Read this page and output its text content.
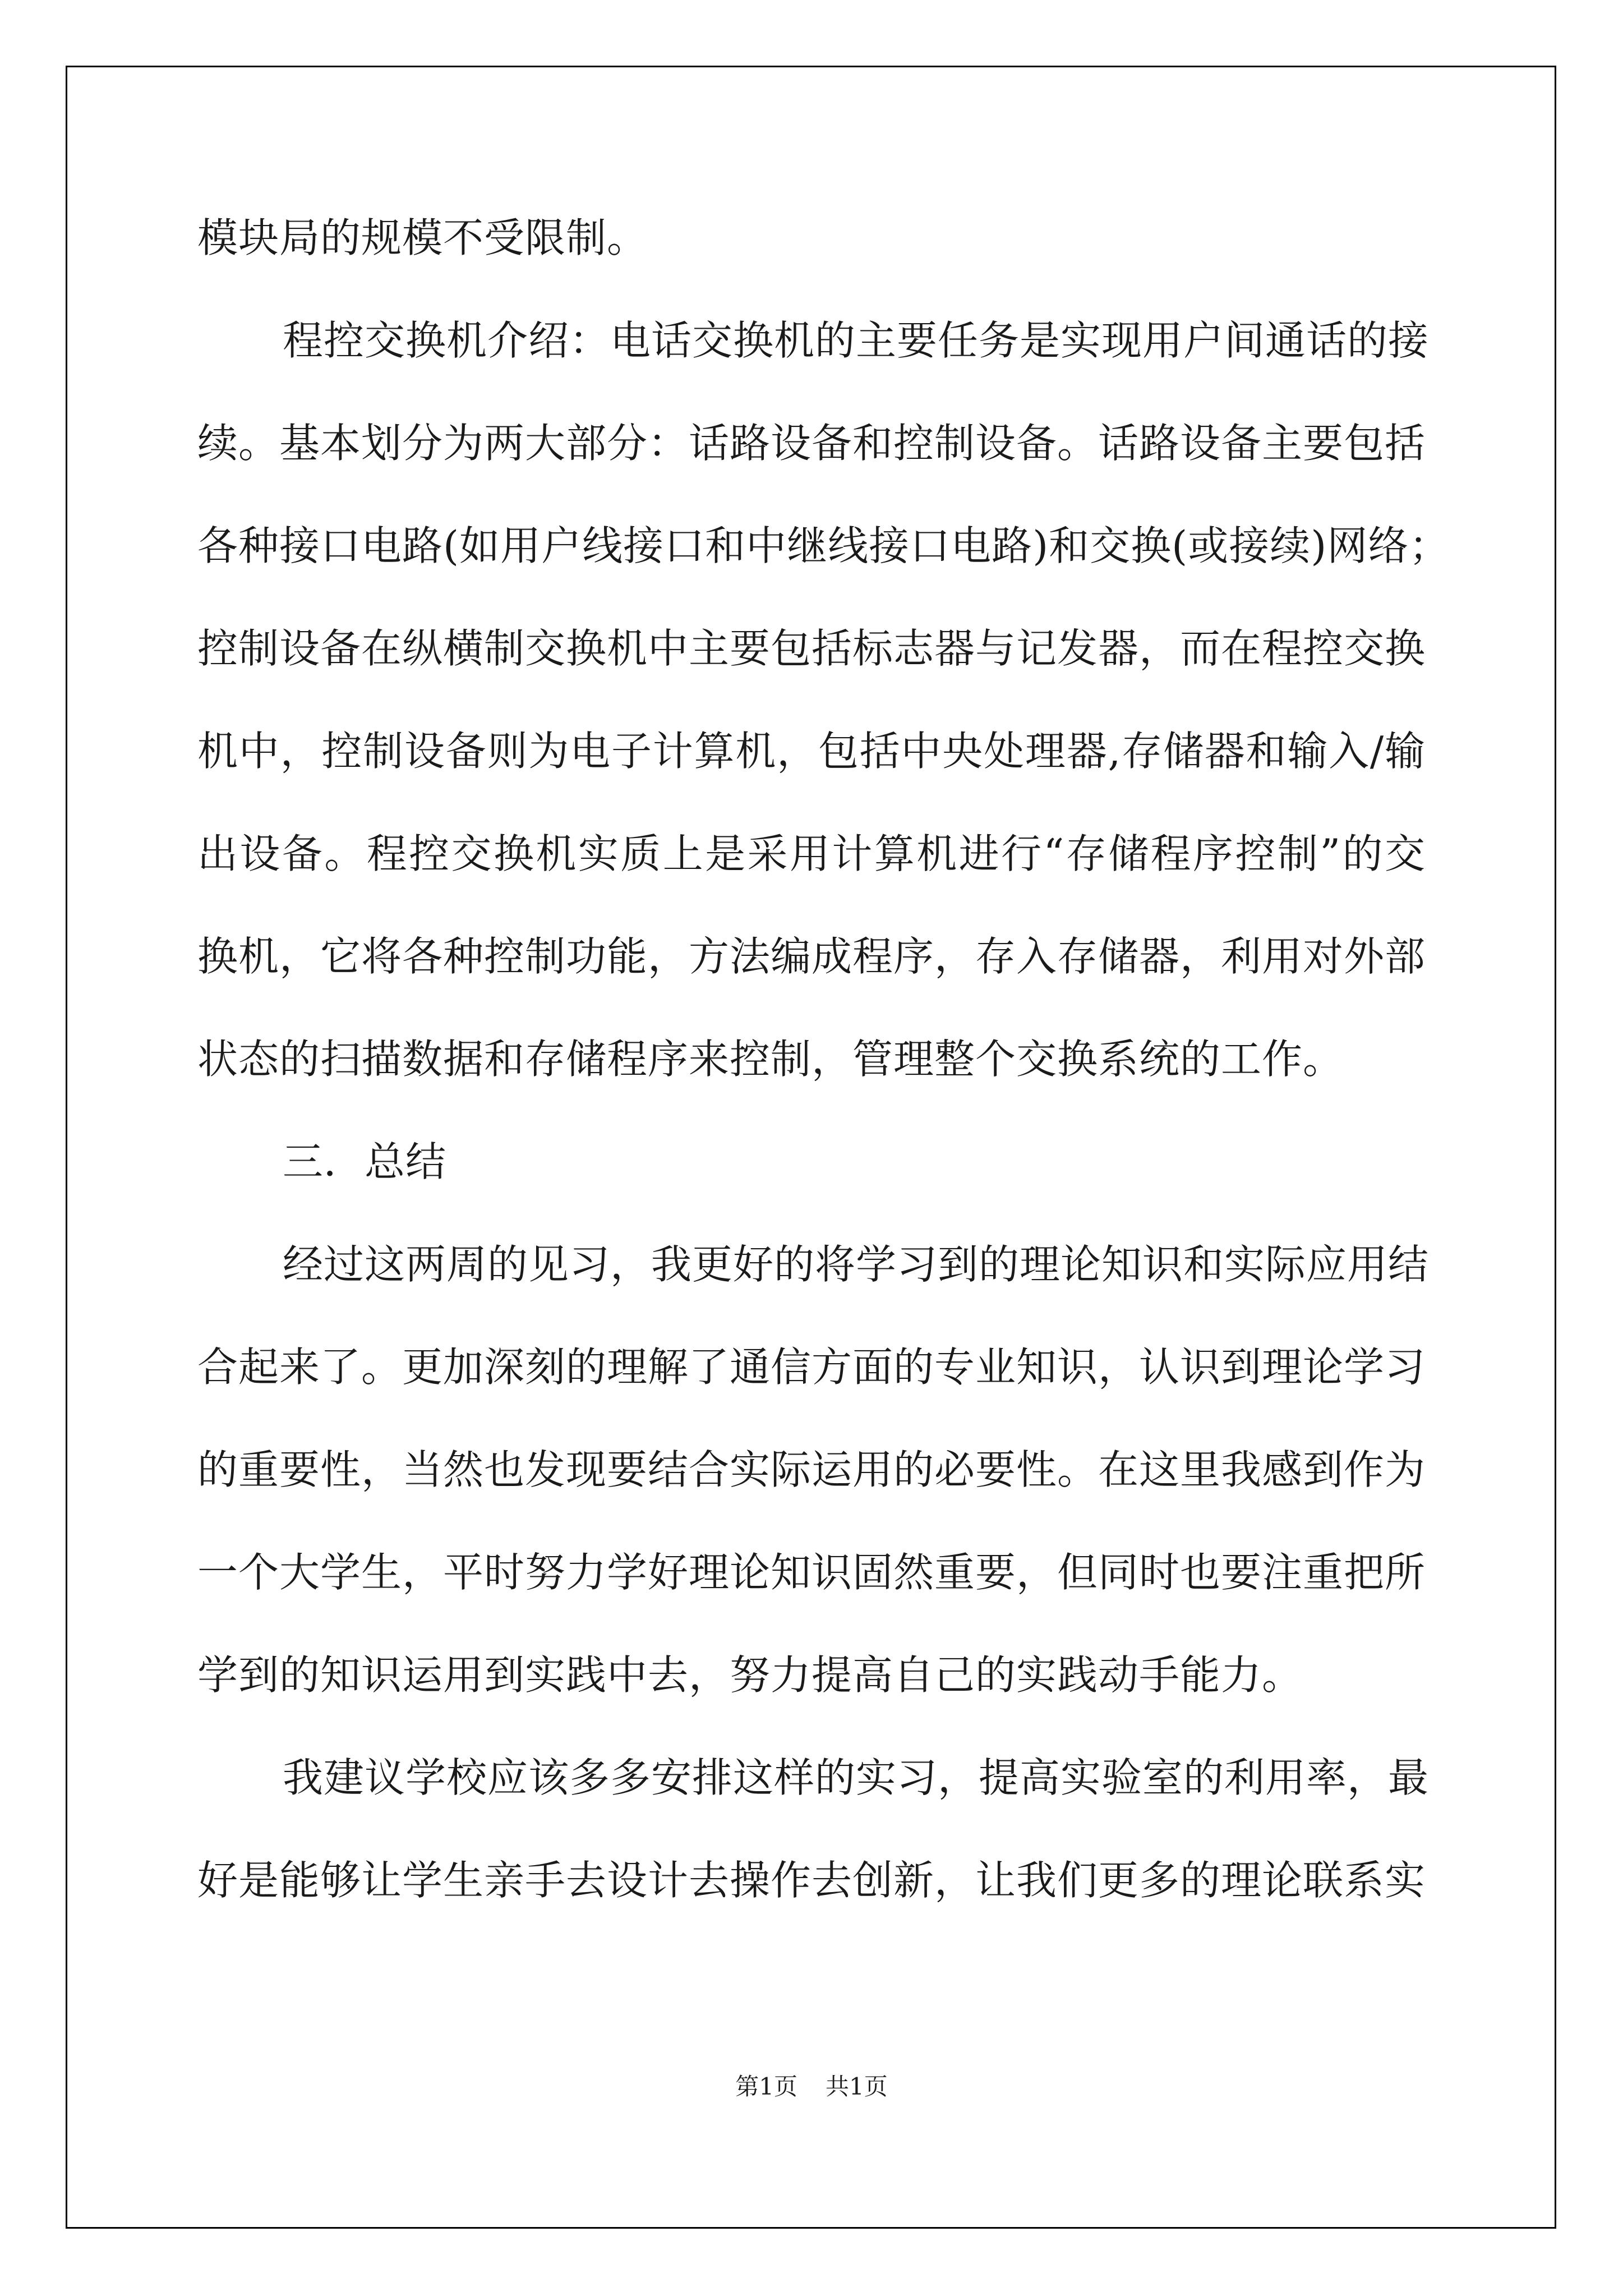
模块局的规模不受限制。
程控交换机介绍：电话交换机的主要任务是实现用户间通话的接
续。基本划分为两大部分：话路设备和控制设备。话路设备主要包括
各种接口电路(如用户线接口和中继线接口电路)和交换(或接续)网络；
控制设备在纵横制交换机中主要包括标志器与记发器，而在程控交换
机中，控制设备则为电子计算机，包括中央处理器,存储器和输入/输
出设备。程控交换机实质上是采用计算机进行“存储程序控制”的交
换机，它将各种控制功能，方法编成程序，存入存储器，利用对外部
状态的扫描数据和存储程序来控制，管理整个交换系统的工作。
三．总结
经过这两周的见习，我更好的将学习到的理论知识和实际应用结
合起来了。更加深刻的理解了通信方面的专业知识，认识到理论学习
的重要性，当然也发现要结合实际运用的必要性。在这里我感到作为
一个大学生，平时努力学好理论知识固然重要，但同时也要注重把所
学到的知识运用到实践中去，努力提高自己的实践动手能力。
我建议学校应该多多安排这样的实习，提高实验室的利用率，最
好是能够让学生亲手去设计去操作去创新，让我们更多的理论联系实
第1页 共1页
